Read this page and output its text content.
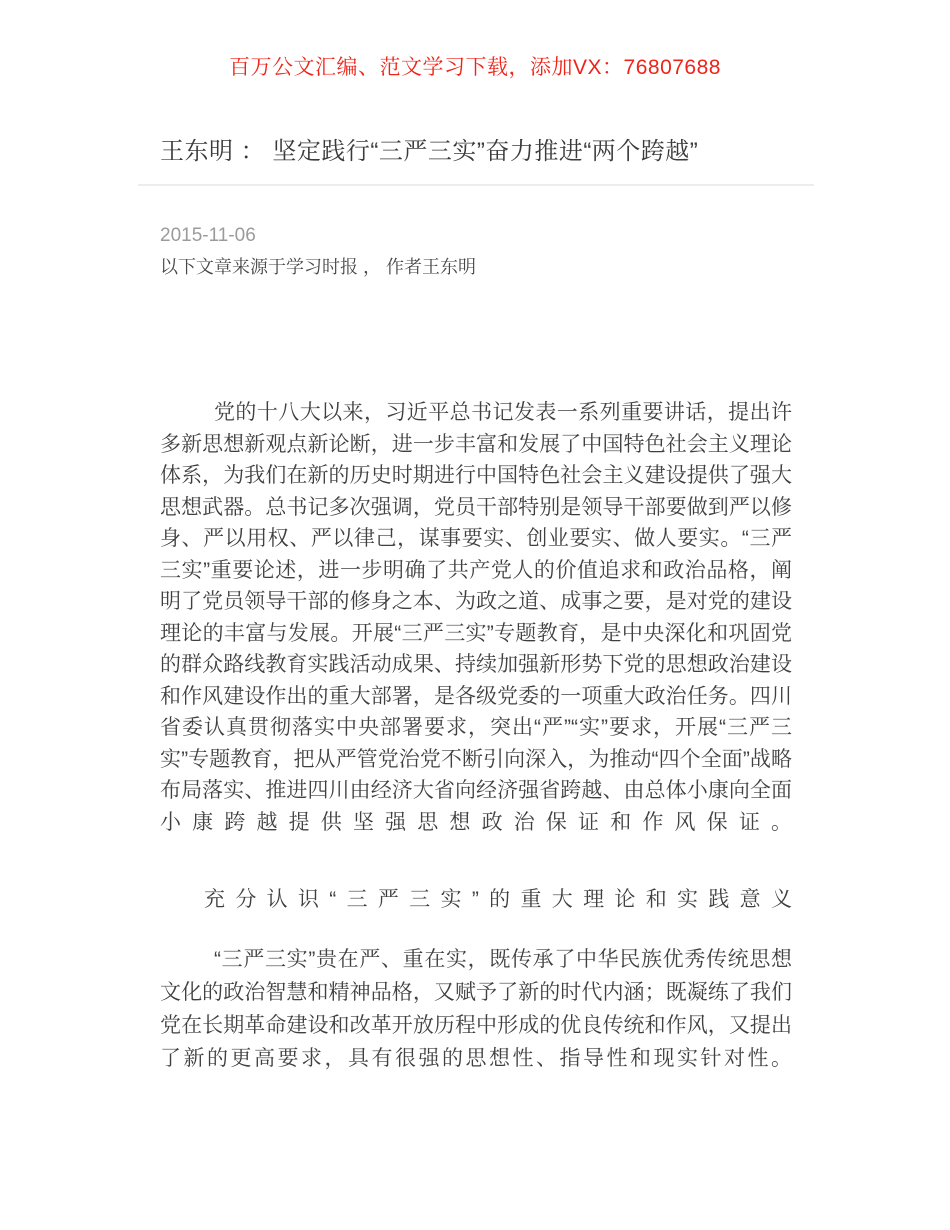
百万公文汇编、范文学习下载，添加VX：76807688
王东明 ： 坚定践行“三严三实”奋力推进“两个跨越”
2015-11-06
以下文章来源于学习时报 ， 作者王东明

党的十八大以来，习近平总书记发表一系列重要讲话，提出许多新思想新观点新论断，进一步丰富和发展了中国特色社会主义理论体系，为我们在新的历史时期进行中国特色社会主义建设提供了强大思想武器。总书记多次强调，党员干部特别是领导干部要做到严以修身、严以用权、严以律己，谋事要实、创业要实、做人要实。“三严三实”重要论述，进一步明确了共产党人的价值追求和政治品格，阐明了党员领导干部的修身之本、为政之道、成事之要，是对党的建设理论的丰富与发展。开展“三严三实”专题教育，是中央深化和巩固党的群众路线教育实践活动成果、持续加强新形势下党的思想政治建设和作风建设作出的重大部署，是各级党委的一项重大政治任务。四川省委认真贯彻落实中央部署要求，突出“严”“实”要求，开展“三严三实”专题教育，把从严管党治党不断引向深入，为推动“四个全面”战略布局落实、推进四川由经济大省向经济强省跨越、由总体小康向全面小康跨越提供坚强思想政治保证和作风保证。

充分认识“三严三实”的重大理论和实践意义

“三严三实”贵在严、重在实，既传承了中华民族优秀传统思想文化的政治智慧和精神品格，又赋予了新的时代内涵；既凝练了我们党在长期革命建设和改革开放历程中形成的优良传统和作风，又提出了新的更高要求，具有很强的思想性、指导性和现实针对性。
